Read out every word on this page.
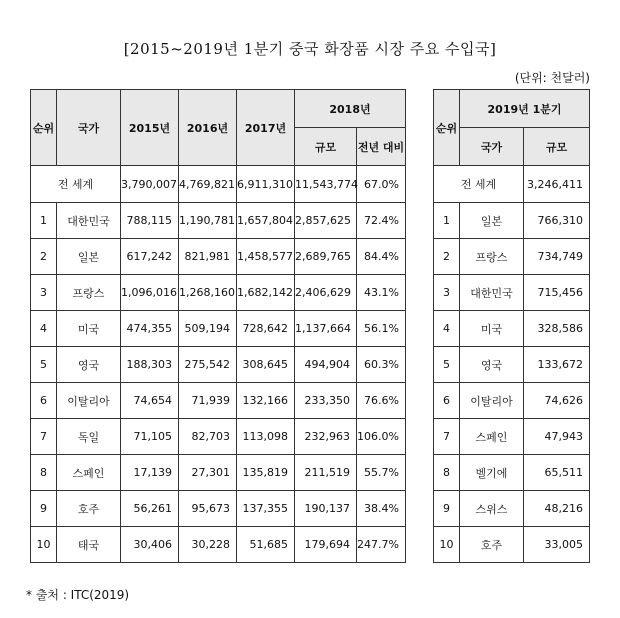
[2015~2019년 1분기 중국 화장품 시장 주요 수입국]
(단위: 천달러)
순위	국가	2015년	2016년	2017년	2018년	
					규모	전년 대비
전 세계		3,790,007	4,769,821	6,911,310	11,543,774	67.0%
1	대한민국	788,115	1,190,781	1,657,804	2,857,625	72.4%
2	일본	617,242	821,981	1,458,577	2,689,765	84.4%
3	프랑스	1,096,016	1,268,160	1,682,142	2,406,629	43.1%
4	미국	474,355	509,194	728,642	1,137,664	56.1%
5	영국	188,303	275,542	308,645	494,904	60.3%
6	이탈리아	74,654	71,939	132,166	233,350	76.6%
7	독일	71,105	82,703	113,098	232,963	106.0%
8	스페인	17,139	27,301	135,819	211,519	55.7%
9	호주	56,261	95,673	137,355	190,137	38.4%
10	태국	30,406	30,228	51,685	179,694	247.7%
순위	2019년 1분기	
	국가	규모
전 세계		3,246,411
1	일본	766,310
2	프랑스	734,749
3	대한민국	715,456
4	미국	328,586
5	영국	133,672
6	이탈리아	74,626
7	스페인	47,943
8	벨기에	65,511
9	스위스	48,216
10	호주	33,005
* 출처 : ITC(2019)
